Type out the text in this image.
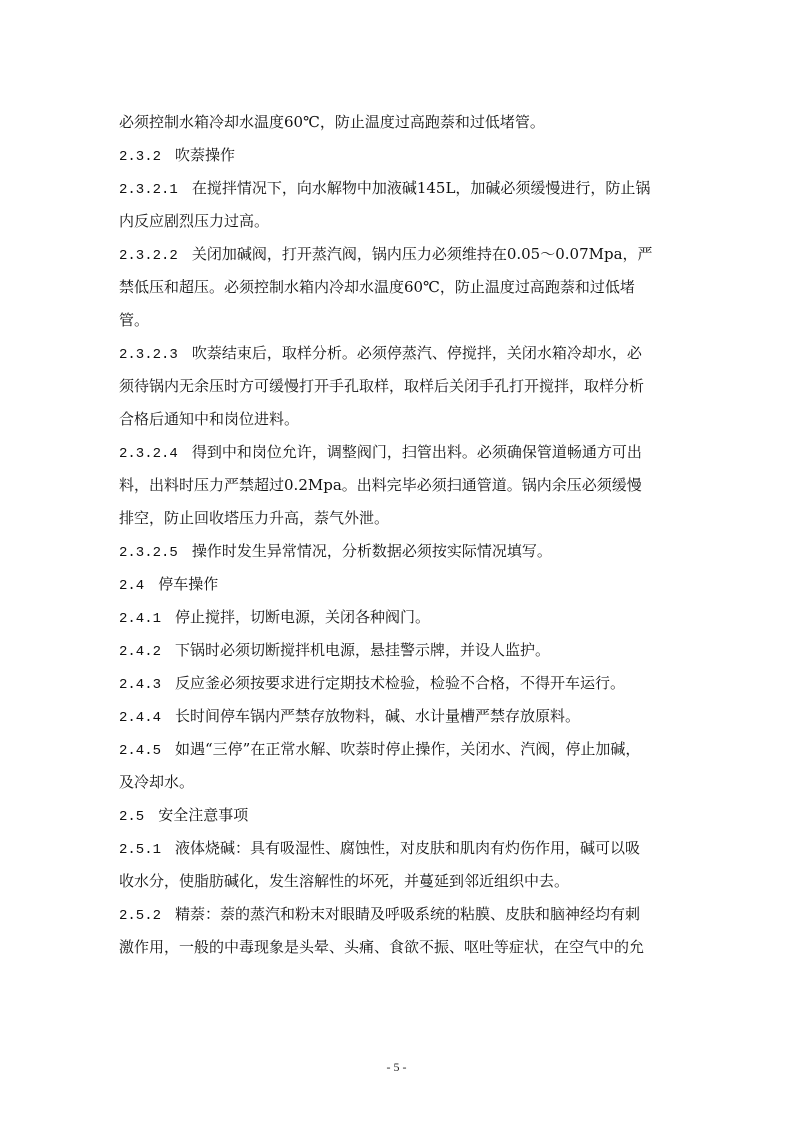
必须控制水箱冷却水温度60℃，防止温度过高跑萘和过低堵管。
2.3.2 吹萘操作
2.3.2.1 在搅拌情况下，向水解物中加液碱145L，加碱必须缓慢进行，防止锅
内反应剧烈压力过高。
2.3.2.2 关闭加碱阀，打开蒸汽阀，锅内压力必须维持在0.05～0.07Mpa，严
禁低压和超压。必须控制水箱内冷却水温度60℃，防止温度过高跑萘和过低堵
管。
2.3.2.3 吹萘结束后，取样分析。必须停蒸汽、停搅拌，关闭水箱冷却水，必
须待锅内无余压时方可缓慢打开手孔取样，取样后关闭手孔打开搅拌，取样分析
合格后通知中和岗位进料。
2.3.2.4 得到中和岗位允许，调整阀门，扫管出料。必须确保管道畅通方可出
料，出料时压力严禁超过0.2Mpa。出料完毕必须扫通管道。锅内余压必须缓慢
排空，防止回收塔压力升高，萘气外泄。
2.3.2.5 操作时发生异常情况，分析数据必须按实际情况填写。
2.4 停车操作
2.4.1 停止搅拌，切断电源，关闭各种阀门。
2.4.2 下锅时必须切断搅拌机电源，悬挂警示牌，并设人监护。
2.4.3 反应釜必须按要求进行定期技术检验，检验不合格，不得开车运行。
2.4.4 长时间停车锅内严禁存放物料，碱、水计量槽严禁存放原料。
2.4.5 如遇“三停”在正常水解、吹萘时停止操作，关闭水、汽阀，停止加碱，
及冷却水。
2.5 安全注意事项
2.5.1 液体烧碱：具有吸湿性、腐蚀性，对皮肤和肌肉有灼伤作用，碱可以吸
收水分，使脂肪碱化，发生溶解性的坏死，并蔓延到邻近组织中去。
2.5.2 精萘：萘的蒸汽和粉末对眼睛及呼吸系统的粘膜、皮肤和脑神经均有刺
激作用，一般的中毒现象是头晕、头痛、食欲不振、呕吐等症状，在空气中的允
- 5 -
